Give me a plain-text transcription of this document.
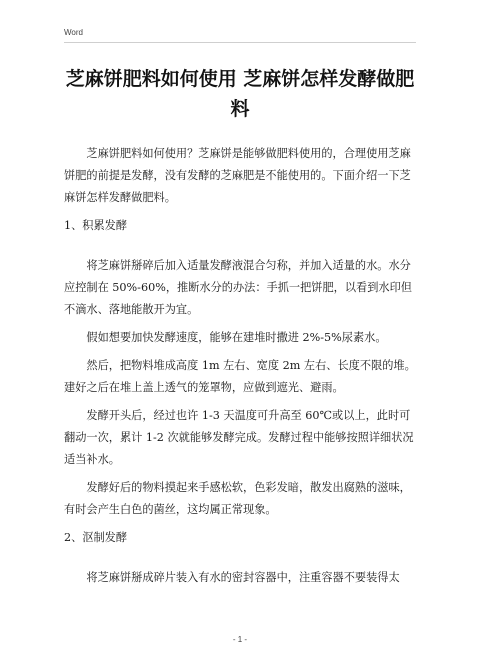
Word
芝麻饼肥料如何使用 芝麻饼怎样发酵做肥料

芝麻饼肥料如何使用？芝麻饼是能够做肥料使用的，合理使用芝麻饼肥的前提是发酵，没有发酵的芝麻肥是不能使用的。下面介绍一下芝麻饼怎样发酵做肥料。

1、积累发酵

将芝麻饼掰碎后加入适量发酵液混合匀称，并加入适量的水。水分应控制在 50%-60%，推断水分的办法：手抓一把饼肥，以看到水印但不滴水、落地能散开为宜。

假如想要加快发酵速度，能够在建堆时撒进 2%-5%尿素水。

然后，把物料堆成高度 1m 左右、宽度 2m 左右、长度不限的堆。建好之后在堆上盖上透气的笼罩物，应做到遮光、避雨。

发酵开头后，经过也许 1-3 天温度可升高至 60℃或以上，此时可翻动一次，累计 1-2 次就能够发酵完成。发酵过程中能够按照详细状况适当补水。

发酵好后的物料摸起来手感松软，色彩发暗，散发出腐熟的滋味，有时会产生白色的菌丝，这均属正常现象。

2、沤制发酵

将芝麻饼掰成碎片装入有水的密封容器中，注重容器不要装得太

- 1 -
